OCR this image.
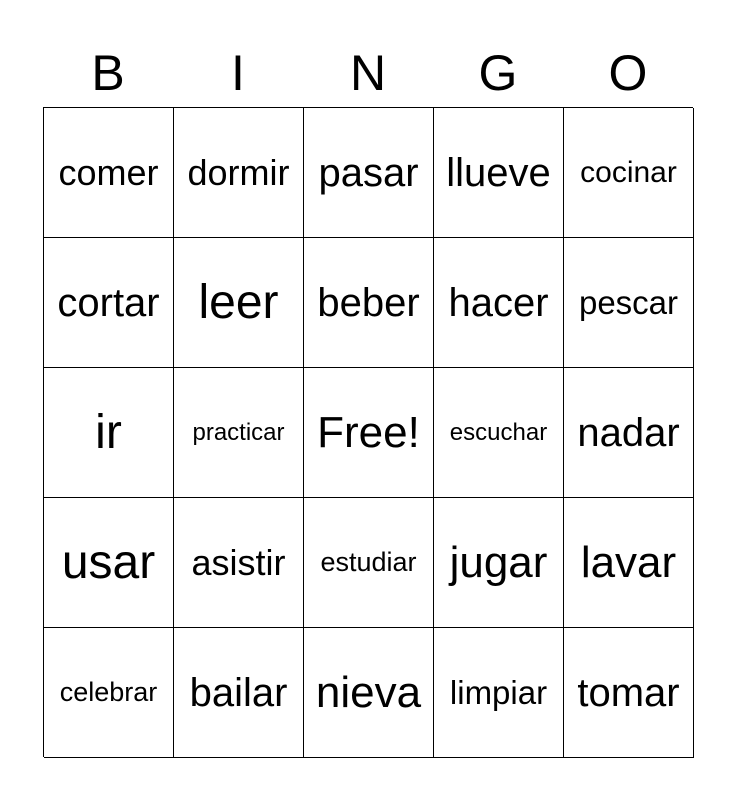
B	I	N	G	O
comer dormir pasar llueve cocinar
cortar leer beber hacer pescar
ir	practicar Free!	escuchar nadar
usar	asistir	estudiar jugar lavar
celebrar bailar nieva limpiar tomar
